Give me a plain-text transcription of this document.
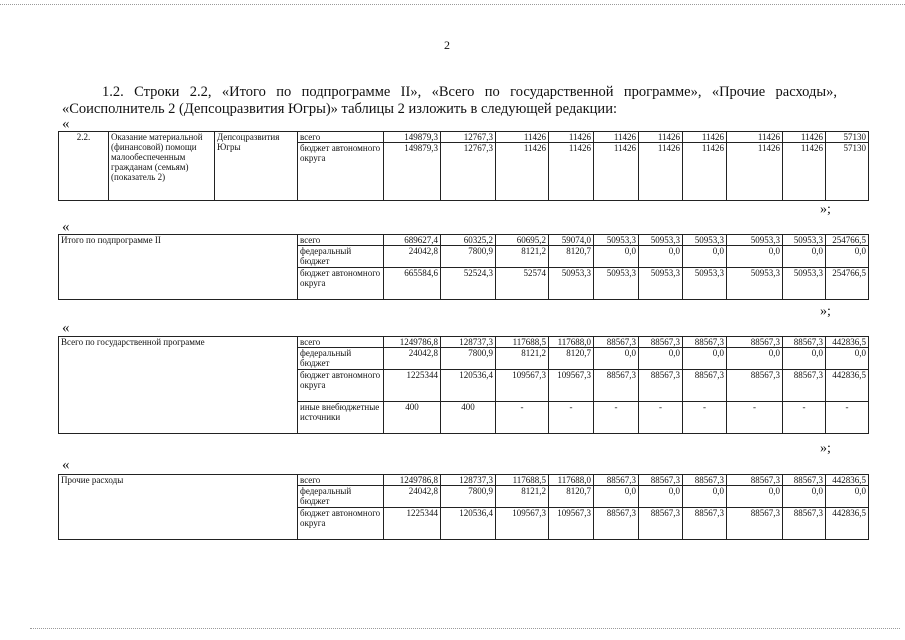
2
1.2. Строки 2.2, «Итого по подпрограмме II», «Всего по государственной программе», «Прочие расходы», «Соисполнитель 2 (Депсоцразвития Югры)» таблицы 2 изложить в следующей редакции:
«
2.2.	Оказание материальной (финансовой) помощи малообеспеченным гражданам (семьям) (показатель 2)	Депсоцразвития Югры	всего	149879,3	12767,3	11426	11426	11426	11426	11426	11426	11426	57130
			бюджет автономного округа	149879,3	12767,3	11426	11426	11426	11426	11426	11426	11426	57130
»;
«
Итого по подпрограмме II	всего	689627,4	60325,2	60695,2	59074,0	50953,3	50953,3	50953,3	50953,3	50953,3	254766,5
	федеральный бюджет	24042,8	7800,9	8121,2	8120,7	0,0	0,0	0,0	0,0	0,0	0,0
	бюджет автономного округа	665584,6	52524,3	52574	50953,3	50953,3	50953,3	50953,3	50953,3	50953,3	254766,5
»;
«
Всего по государственной программе	всего	1249786,8	128737,3	117688,5	117688,0	88567,3	88567,3	88567,3	88567,3	88567,3	442836,5
	федеральный бюджет	24042,8	7800,9	8121,2	8120,7	0,0	0,0	0,0	0,0	0,0	0,0
	бюджет автономного округа	1225344	120536,4	109567,3	109567,3	88567,3	88567,3	88567,3	88567,3	88567,3	442836,5
	иные внебюджетные источники	400	400	-	-	-	-	-	-	-	-
»;
«
Прочие расходы	всего	1249786,8	128737,3	117688,5	117688,0	88567,3	88567,3	88567,3	88567,3	88567,3	442836,5
	федеральный бюджет	24042,8	7800,9	8121,2	8120,7	0,0	0,0	0,0	0,0	0,0	0,0
	бюджет автономного округа	1225344	120536,4	109567,3	109567,3	88567,3	88567,3	88567,3	88567,3	88567,3	442836,5
